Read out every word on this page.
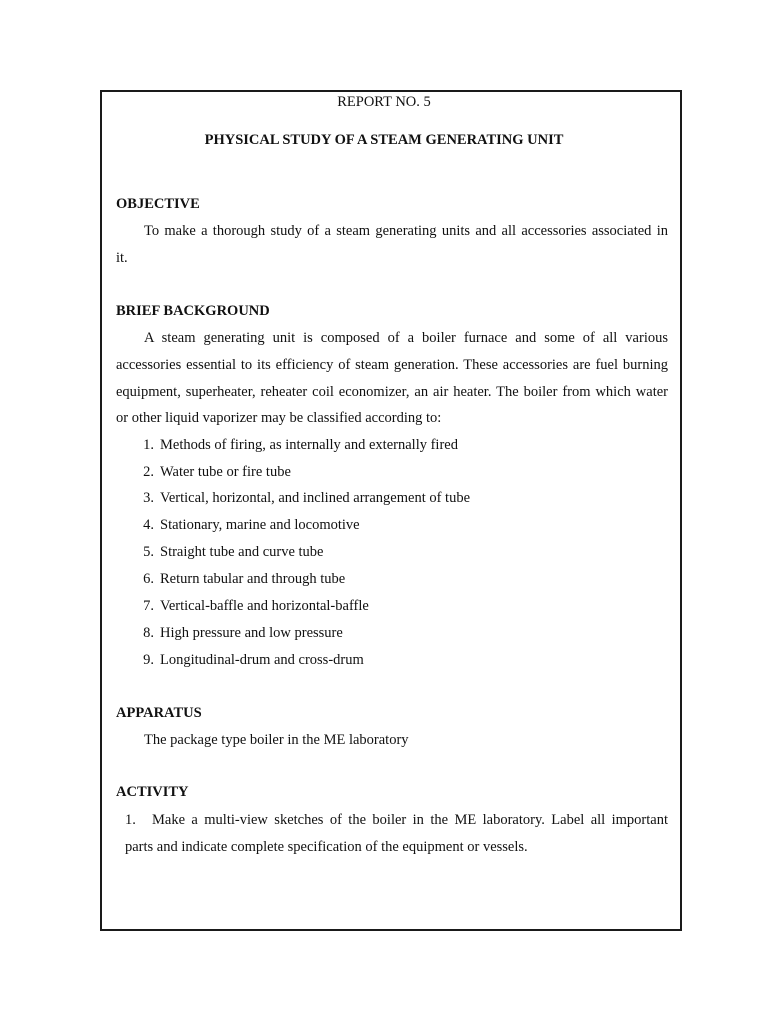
REPORT NO. 5
PHYSICAL STUDY OF A STEAM GENERATING UNIT
OBJECTIVE
To make a thorough study of a steam generating units and all accessories associated in
it.
BRIEF BACKGROUND
A steam generating unit is composed of a boiler furnace and some of all various
accessories essential to its efficiency of steam generation. These accessories are fuel burning
equipment, superheater, reheater coil economizer, an air heater. The boiler from which water
or other liquid vaporizer may be classified according to:
1. Methods of firing, as internally and externally fired
2. Water tube or fire tube
3. Vertical, horizontal, and inclined arrangement of tube
4. Stationary, marine and locomotive
5. Straight tube and curve tube
6. Return tabular and through tube
7. Vertical-baffle and horizontal-baffle
8. High pressure and low pressure
9. Longitudinal-drum and cross-drum
APPARATUS
The package type boiler in the ME laboratory
ACTIVITY
1. Make a multi-view sketches of the boiler in the ME laboratory. Label all important
parts and indicate complete specification of the equipment or vessels.
